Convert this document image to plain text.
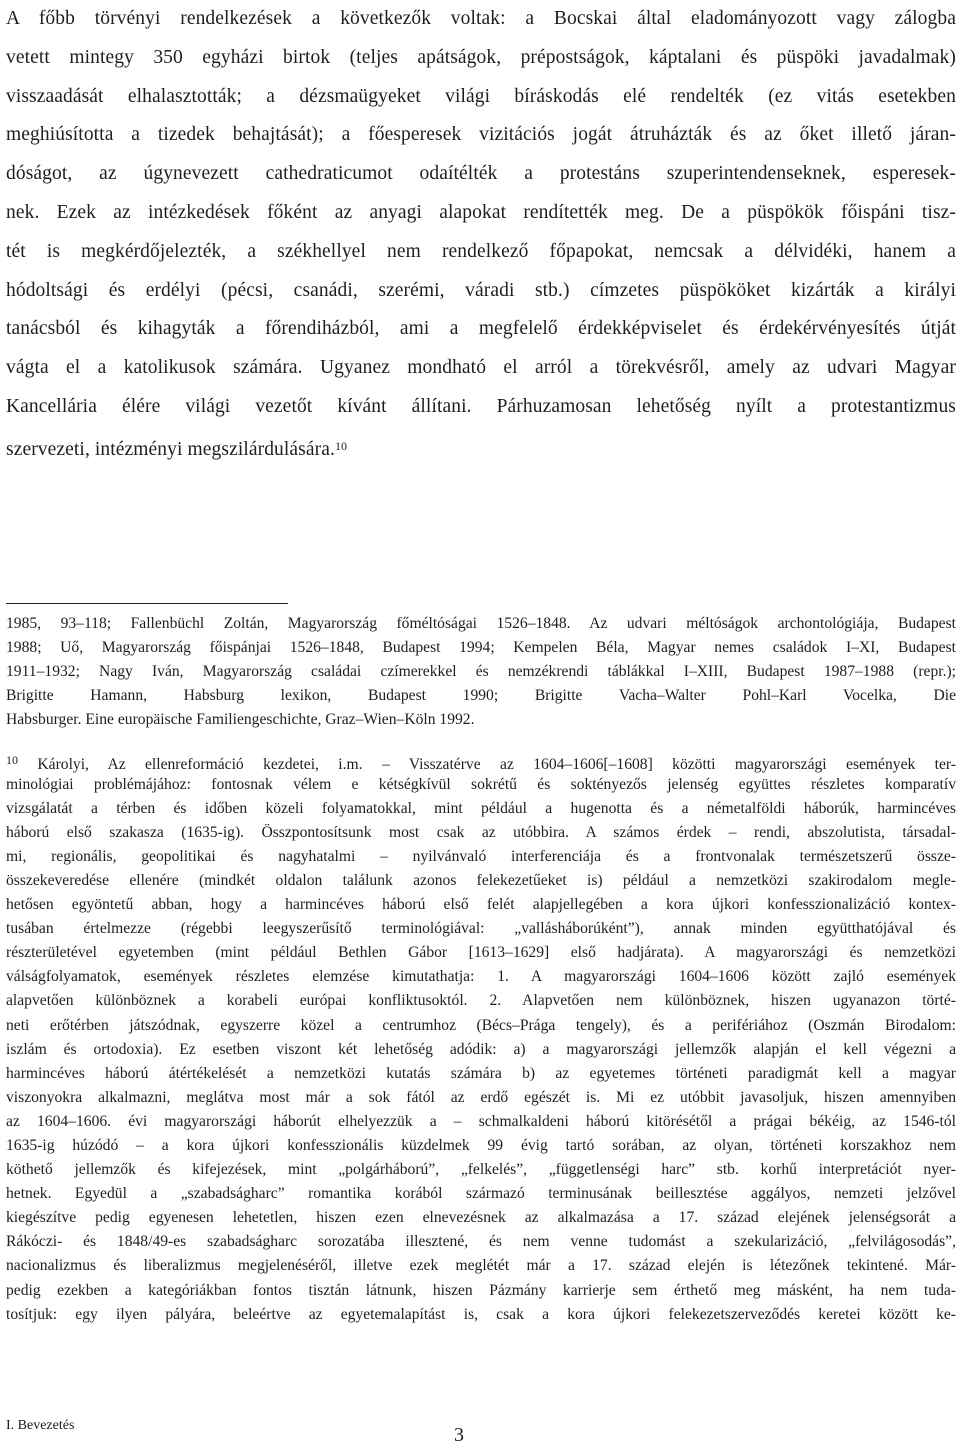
A főbb törvényi rendelkezések a következők voltak: a Bocskai által eladományozott vagy zálogba
vetett mintegy 350 egyházi birtok (teljes apátságok, prépostságok, káptalani és püspöki javadalmak)
visszaadását elhalasztották; a dézsmaügyeket világi bíráskodás elé rendelték (ez vitás esetekben
meghiúsította a tizedek behajtását); a főesperesek vizitációs jogát átruházták és az őket illető járan-
dóságot, az úgynevezett cathedraticumot odaítélték a protestáns szuperintendenseknek, esperesek-
nek. Ezek az intézkedések főként az anyagi alapokat rendítették meg. De a püspökök főispáni tisz-
tét is megkérdőjelezték, a székhellyel nem rendelkező főpapokat, nemcsak a délvidéki, hanem a
hódoltsági és erdélyi (pécsi, csanádi, szerémi, váradi stb.) címzetes püspököket kizárták a királyi
tanácsból és kihagyták a főrendiházból, ami a megfelelő érdekképviselet és érdekérvényesítés útját
vágta el a katolikusok számára. Ugyanez mondható el arról a törekvésről, amely az udvari Magyar
Kancellária élére világi vezetőt kívánt állítani. Párhuzamosan lehetőség nyílt a protestantizmus
szervezeti, intézményi megszilárdulására.$^{10}$
1985, 93–118; Fallenbüchl Zoltán, Magyarország főméltóságai 1526–1848. Az udvari méltóságok archontológiája, Budapest
1988; Uő, Magyarország főispánjai 1526–1848, Budapest 1994; Kempelen Béla, Magyar nemes családok I–XI, Budapest
1911–1932; Nagy Iván, Magyarország családai czímerekkel és nemzékrendi táblákkal I–XIII, Budapest 1987–1988 (repr.);
Brigitte Hamann, Habsburg lexikon, Budapest 1990; Brigitte Vacha–Walter Pohl–Karl Vocelka, Die
Habsburger. Eine europäische Familiengeschichte, Graz–Wien–Köln 1992.
$^{10}$ Károlyi, Az ellenreformáció kezdetei, i.m. – Visszatérve az 1604–1606[–1608] közötti magyarországi események ter-
minológiai problémájához: fontosnak vélem e kétségkívül sokrétű és soktényezős jelenség együttes részletes komparatív
vizsgálatát a térben és időben közeli folyamatokkal, mint például a hugenotta és a németalföldi háborúk, harmincéves
háború első szakasza (1635-ig). Összpontosítsunk most csak az utóbbira. A számos érdek – rendi, abszolutista, társadal-
mi, regionális, geopolitikai és nagyhatalmi – nyilvánvaló interferenciája és a frontvonalak természetszerű össze-
összekeveredése ellenére (mindkét oldalon találunk azonos felekezetűeket is) például a nemzetközi szakirodalom megle-
hetősen egyöntetű abban, hogy a harmincéves háború első felét alapjellegében a kora újkori konfesszionalizáció kontex-
tusában értelmezze (régebbi leegyszerűsítő terminológiával: „vallásháborúként”), annak minden együtthatójával és
részterületével egyetemben (mint például Bethlen Gábor [1613–1629] első hadjárata). A magyarországi és nemzetközi
válságfolyamatok, események részletes elemzése kimutathatja: 1. A magyarországi 1604–1606 között zajló események
alapvetően különböznek a korabeli európai konfliktusoktól. 2. Alapvetően nem különböznek, hiszen ugyanazon törté-
neti erőtérben játszódnak, egyszerre közel a centrumhoz (Bécs–Prága tengely), és a perifériához (Oszmán Birodalom:
iszlám és ortodoxia). Ez esetben viszont két lehetőség adódik: a) a magyarországi jellemzők alapján el kell végezni a
harmincéves háború átértékelését a nemzetközi kutatás számára b) az egyetemes történeti paradigmát kell a magyar
viszonyokra alkalmazni, meglátva most már a sok fától az erdő egészét is. Mi ez utóbbit javasoljuk, hiszen amennyiben
az 1604–1606. évi magyarországi háborút elhelyezzük a – schmalkaldeni háború kitörésétől a prágai békéig, az 1546-tól
1635-ig húzódó – a kora újkori konfesszionális küzdelmek 99 évig tartó sorában, az olyan, történeti korszakhoz nem
köthető jellemzők és kifejezések, mint „polgárháború”, „felkelés”, „függetlenségi harc” stb. korhű interpretációt nyer-
hetnek. Egyedül a „szabadságharc” romantika korából származó terminusának beillesztése aggályos, nemzeti jelzővel
kiegészítve pedig egyenesen lehetetlen, hiszen ezen elnevezésnek az alkalmazása a 17. század elejének jelenségsorát a
Rákóczi- és 1848/49-es szabadságharc sorozatába illesztené, és nem venne tudomást a szekularizáció, „felvilágosodás”,
nacionalizmus és liberalizmus megjelenéséről, illetve ezek meglétét már a 17. század elején is létezőnek tekintené. Már-
pedig ezekben a kategóriákban fontos tisztán látnunk, hiszen Pázmány karrierje sem érthető meg másként, ha nem tuda-
tosítjuk: egy ilyen pályára, beleértve az egyetemalapítást is, csak a kora újkori felekezetszerveződés keretei között ke-
I. Bevezetés	3
